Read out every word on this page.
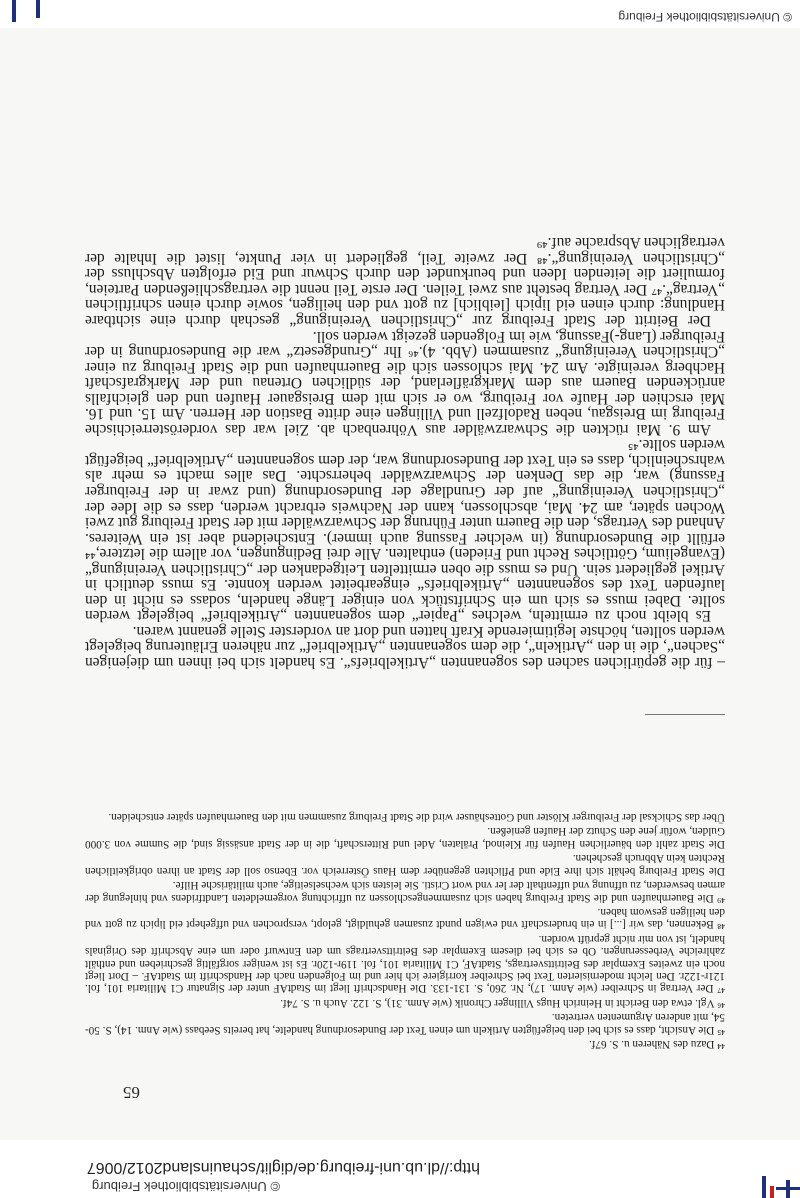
© Universitätsbibliothek Freiburg
http://dl.ub.uni-freiburg.de/diglit/schauinsland2012/0067
65

⁴⁴ Dazu des Näheren u. S. 67f.

⁴⁵ Die Ansicht, dass es sich bei den beigefügten Artikeln um einen Text der Bundesordnung handelte, hat bereits Seebass (wie Anm. 14), S. 50-54, mit anderen Argumenten vertreten.

⁴⁶ Vgl. etwa den Bericht in Heinrich Hugs Villinger Chronik (wie Anm. 31), S. 122. Auch u. S. 74f.

⁴⁷ Der Vertrag in Schreiber (wie Anm. 17), Nr. 260, S. 131-133. Die Handschrift liegt im StadtAF unter der Signatur C1 Militaria 101, fol. 121r-122r. Den leicht modernisierten Text bei Schreiber korrigiere ich hier und im Folgenden nach der Handschrift im StadtAF. – Dort liegt noch ein zweites Exemplar des Beitrittsvertrags, StadtAF, C1 Militaria 101, fol. 119r-120r. Es ist weniger sorgfältig geschrieben und enthält zahlreiche Verbesserungen. Ob es sich bei diesem Exemplar des Beitrittsvertrags um den Entwurf oder um eine Abschrift des Originals handelt, ist von mir nicht geprüft worden.

⁴⁸ Bekennen, das wir [...] in ein bruderschaft vnd ewigen pundt zusamen gehuldigt, gelopt, versprochen vnd uffgehept eid lipich zu gott vnd den heiligen geswom haben.

⁴⁹ Die Bauernhaufen und die Stadt Freiburg haben sich zusammengeschlossen zu uffrichtung vorgemeldeten Landtfridens vnd hinlegung der armen beswerden, zu uffnung vnd uffenthalt der ler vnd wort Cristi. Sie leisten sich wechselseitige, auch militärische Hilfe.

Die Stadt Freiburg behält sich ihre Eide und Pflichten gegenüber dem Haus Österreich vor. Ebenso soll der Stadt an ihren obrigkeitlichen Rechten kein Abbruch geschehen.

Die Stadt zahlt den bäuerlichen Haufen für Kleinod, Prälaten, Adel und Ritterschaft, die in der Stadt ansässig sind, die Summe von 3.000 Gulden, wofür jene den Schutz der Haufen genießen.

Über das Schicksal der Freiburger Klöster und Gotteshäuser wird die Stadt Freiburg zusammen mit den Bauernhaufen später entscheiden.

– für die gepürlichen sachen des sogenannten „Artikelbriefs“. Es handelt sich bei ihnen um diejenigen „Sachen“, die in den „Artikeln“, die dem sogenannten „Artikelbrief“ zur näheren Erläuterung beigelegt werden sollten, höchste legitimierende Kraft hatten und dort an vorderster Stelle genannt waren.

Es bleibt noch zu ermitteln, welches „Papier“ dem sogenannten „Artikelbrief“ beigelegt werden sollte. Dabei muss es sich um ein Schriftstück von einiger Länge handeln, sodass es nicht in den laufenden Text des sogenannten „Artikelbriefs“ eingearbeitet werden konnte. Es muss deutlich in Artikel gegliedert sein. Und es muss die oben ermittelten Leitgedanken der „Christlichen Vereinigung“ (Evangelium, Göttliches Recht und Frieden) enthalten. Alle drei Bedingungen, vor allem die letztere,⁴⁴ erfüllt die Bundesordnung (in welcher Fassung auch immer). Entscheidend aber ist ein Weiteres. Anhand des Vertrags, den die Bauern unter Führung der Schwarzwälder mit der Stadt Freiburg gut zwei Wochen später, am 24. Mai, abschlossen, kann der Nachweis erbracht werden, dass es die Idee der „Christlichen Vereinigung“ auf der Grundlage der Bundesordnung (und zwar in der Freiburger Fassung) war, die das Denken der Schwarzwälder beherrschte. Das alles macht es mehr als wahrscheinlich, dass es ein Text der Bundesordnung war, der dem sogenannten „Artikelbrief“ beigefügt werden sollte.⁴⁵

Am 9. Mai rückten die Schwarzwälder aus Vöhrenbach ab. Ziel war das vorderösterreichische Freiburg im Breisgau, neben Radolfzell und Villingen eine dritte Bastion der Herren. Am 15. und 16. Mai erschien der Haufe vor Freiburg, wo er sich mit dem Breisgauer Haufen und den gleichfalls anrückenden Bauern aus dem Markgräflerland, der südlichen Ortenau und der Markgrafschaft Hachberg vereinigte. Am 24. Mai schlossen sich die Bauernhaufen und die Stadt Freiburg zu einer „Christlichen Vereinigung“ zusammen (Abb. 4).⁴⁶ Ihr „Grundgesetz“ war die Bundesordnung in der Freiburger (Lang-)Fassung, wie im Folgenden gezeigt werden soll.

Der Beitritt der Stadt Freiburg zur „Christlichen Vereinigung“ geschah durch eine sichtbare Handlung: durch einen eid lipich [leiblich] zu gott vnd den heiligen, sowie durch einen schriftlichen „Vertrag“.⁴⁷ Der Vertrag besteht aus zwei Teilen. Der erste Teil nennt die vertragschließenden Parteien, formuliert die leitenden Ideen und beurkundet den durch Schwur und Eid erfolgten Abschluss der „Christlichen Vereinigung“.⁴⁸ Der zweite Teil, gegliedert in vier Punkte, listet die Inhalte der vertraglichen Absprache auf.⁴⁹

© Universitätsbibliothek Freiburg
